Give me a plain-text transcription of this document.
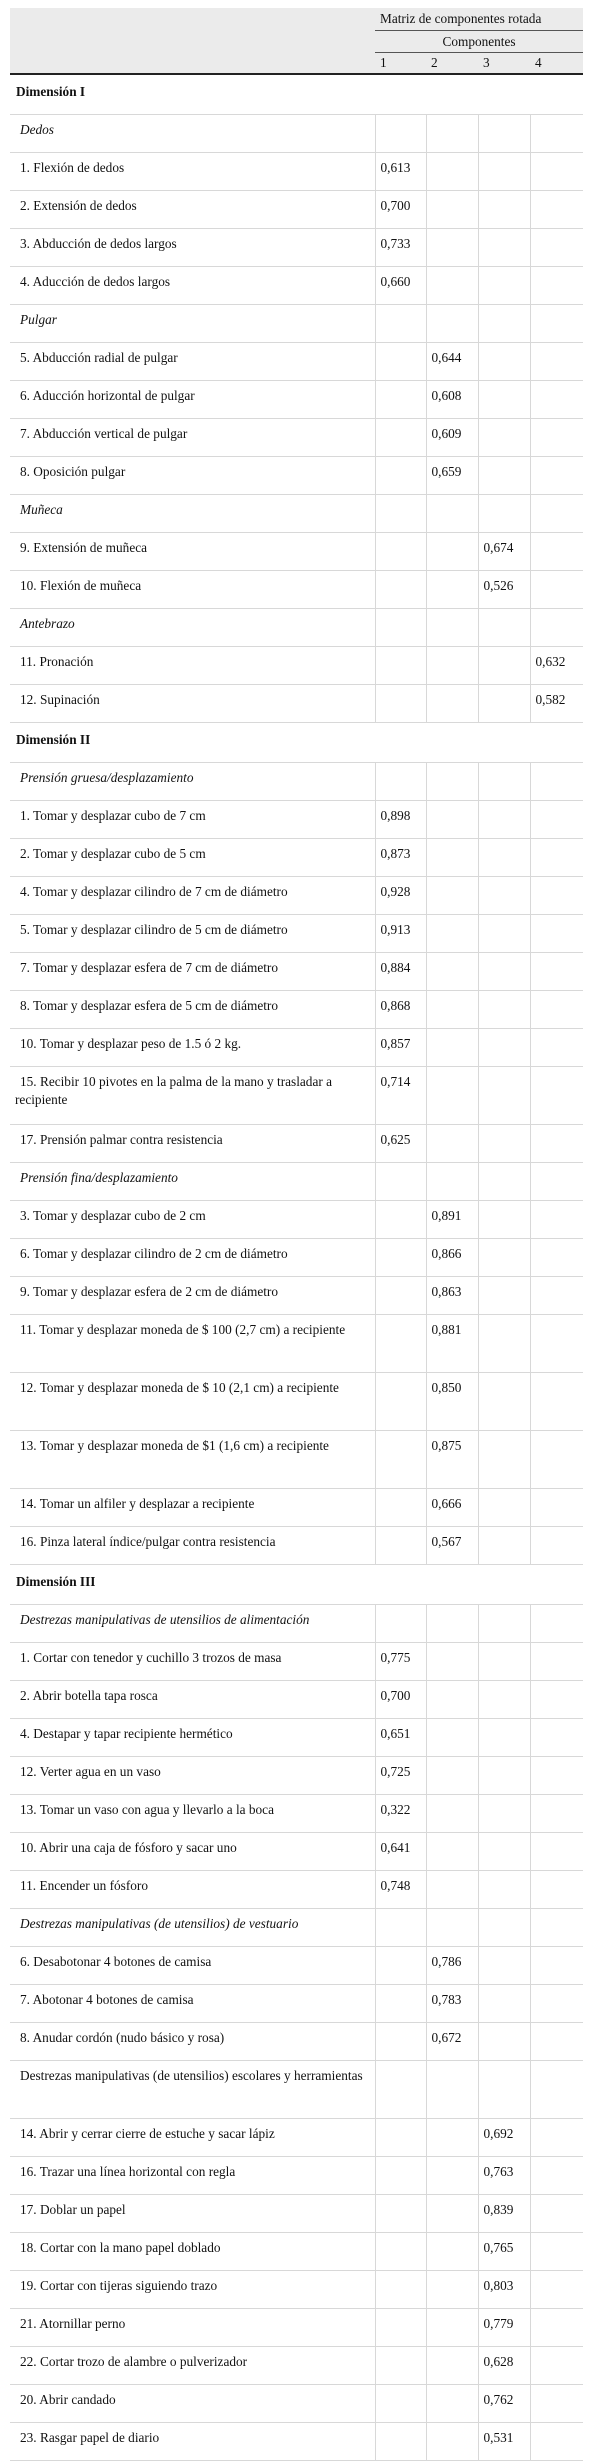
	Matriz de componentes rotada			
	Componentes			
	1	2	3	4
Dimensión I				
Dedos				
1. Flexión de dedos	0,613			
2. Extensión de dedos	0,700			
3. Abducción de dedos largos	0,733			
4. Aducción de dedos largos	0,660			
Pulgar				
5. Abducción radial de pulgar		0,644		
6. Aducción horizontal de pulgar		0,608		
7. Abducción vertical de pulgar		0,609		
8. Oposición pulgar		0,659		
Muñeca				
9. Extensión de muñeca			0,674	
10. Flexión de muñeca			0,526	
Antebrazo				
11. Pronación				0,632
12. Supinación				0,582
Dimensión II				
Prensión gruesa/desplazamiento				
1. Tomar y desplazar cubo de 7 cm	0,898			
2. Tomar y desplazar cubo de 5 cm	0,873			
4. Tomar y desplazar cilindro de 7 cm de diámetro	0,928			
5. Tomar y desplazar cilindro de 5 cm de diámetro	0,913			
7. Tomar y desplazar esfera de 7 cm de diámetro	0,884			
8. Tomar y desplazar esfera de 5 cm de diámetro	0,868			
10. Tomar y desplazar peso de 1.5 ó 2 kg.	0,857			
15. Recibir 10 pivotes en la palma de la mano y trasladar a recipiente	0,714			
17. Prensión palmar contra resistencia	0,625			
Prensión fina/desplazamiento				
3. Tomar y desplazar cubo de 2 cm		0,891		
6. Tomar y desplazar cilindro de 2 cm de diámetro		0,866		
9. Tomar y desplazar esfera de 2 cm de diámetro		0,863		
11. Tomar y desplazar moneda de $ 100 (2,7 cm) a recipiente		0,881		
12. Tomar y desplazar moneda de $ 10 (2,1 cm) a recipiente		0,850		
13. Tomar y desplazar moneda de $1 (1,6 cm) a recipiente		0,875		
14. Tomar un alfiler y desplazar a recipiente		0,666		
16. Pinza lateral índice/pulgar contra resistencia		0,567		
Dimensión III				
Destrezas manipulativas de utensilios de alimentación				
1. Cortar con tenedor y cuchillo 3 trozos de masa	0,775			
2. Abrir botella tapa rosca	0,700			
4. Destapar y tapar recipiente hermético	0,651			
12. Verter agua en un vaso	0,725			
13. Tomar un vaso con agua y llevarlo a la boca	0,322			
10. Abrir una caja de fósforo y sacar uno	0,641			
11. Encender un fósforo	0,748			
Destrezas manipulativas (de utensilios) de vestuario				
6. Desabotonar 4 botones de camisa		0,786		
7. Abotonar 4 botones de camisa		0,783		
8. Anudar cordón (nudo básico y rosa)		0,672		
Destrezas manipulativas (de utensilios) escolares y herramientas				
14. Abrir y cerrar cierre de estuche y sacar lápiz			0,692	
16. Trazar una línea horizontal con regla			0,763	
17. Doblar un papel			0,839	
18. Cortar con la mano papel doblado			0,765	
19. Cortar con tijeras siguiendo trazo			0,803	
21. Atornillar perno			0,779	
22. Cortar trozo de alambre o pulverizador			0,628	
20. Abrir candado			0,762	
23. Rasgar papel de diario			0,531	
